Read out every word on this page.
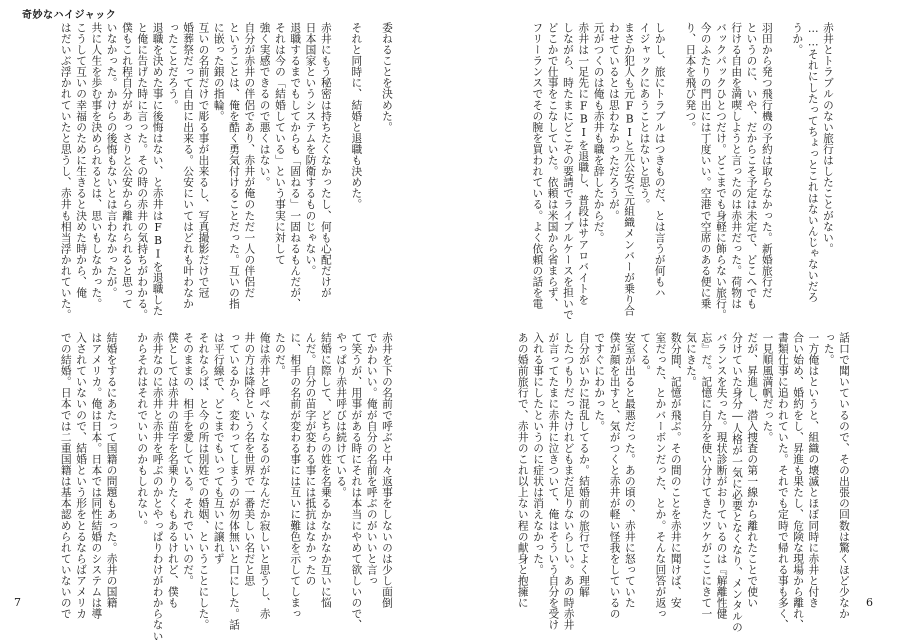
奇妙なハイジャック

委ねることを決めた。

それと同時に、結婚と退職も決めた。

赤井にもう秘密は持ちたくなかったし、何も心配だけが

日本国家というシステムを防衛するものじゃない。

退職するまでもしてからも「固ねる」一固ねるもんだが、

それは今の「結婚している」という事実に対して

強く実感できるので悪くはない。

自分が赤井の伴侶であり、赤井が俺のただ一人の伴侶だ

ということは、俺を酷く勇気付けることだった。互いの指

に嵌った銀の指輪。

互いの名前だけで彫る事が出来るし、写真撮影だけで冠

婚葬祭だって自由に出来る。公安にいてはどれも叶わなか

ったことだろう。

退職を決めた事に後悔はない、と赤井はFBIを退職した

と俺に告げた時に言った。その時の赤井の気持ちがわかる。

僕もこれ程自分があっさりと公安から離れられると思って

いなかった。かけらの後悔もないとは言わなかったが。

共に人生を歩む事を決められるとは、思いもしなかった。

こうして互いの幸福のために生きると決めた時から、俺

はだいぶ浮かれていたと思うし、赤井も相当浮かれていた。

赤井を下の名前で呼ぶと中々返事をしないのは少し面倒

でかわいい。俺が自分の名前を呼ぶのがいいと言っ

て笑うが、用事がある時にそれは本当にやめて欲しいので、

やっぱり赤井呼びは続けている。

結婚に際して、どちらの姓を名乗るかなかなか互いに悩

んだ。自分の苗字が変わる事には抵抗はなかったの

に、相手の名前が変わる事には互いに難色を示してしまっ

たのだ。

俺は赤井と呼べなくなるのがなんだか寂しいと思うし、赤

井の方は降谷という名を世界で一番美しい名だと思

っているから、変わってしまうのが勿体無いと口にした。話

は平行線で、どこまでもいっても互いに譲れず

それならば、と今の所は別姓での婚姻、ということにした。

そのままの、相手を愛している。それでいいのだ。

僕としては赤井の苗字を名乗りたくもあるけれど、僕も

赤井なのに赤井と赤井を呼ぶのかとやっぱりわけがわからない

からそれはそれでいいのかもしれない。

結婚をするにあたって国籍の問題もあった。赤井の国籍

はアメリカ。俺は日本。日本では同性結婚のシステムは導

入されていないので、結婚という形をとるならばアメリカ

での結婚。日本では二重国籍は基本認められていないので

7

赤井とトラブルのない旅行はしたことがない。

……それにしたってちょっとこれはないんじゃないだろ

うか。

羽田から発つ飛行機の予約は取らなかった。新婚旅行だ

というのに、いや、だからこそ予定は未定で、どこへでも

行ける自由を満喫しようと言ったのは赤井だった。荷物は

バックパックひとつだけ。どこまでも身軽に飾らない旅行。

今のふたりの門出には丁度いい。空港で空席のある便に乗

り、日本を飛び発つ。

しかし、旅にトラブルはつきものだ、とは言うが何もハ

イジャックにあうことはないと思う。

まさか犯人も元FBIと元公安で元組織メンバーが乗り合

わせているとは思わなかっただろうが。

元がつくのは俺も赤井も職を辞したからだ。

赤井は一足先にFBIを退職し、普段はサアロバイトを

しながら、時たまにどこぞの要請でライブルケースを担いで

どこかで仕事をこなしていた。依頼は米国から省まらず、

フリーランスでその腕を買われている。よく依頼の話を電

話口で聞いているので、その出張の回数は驚くほど少なか

った。

一方俺はというと、組織の壊滅とほぼ同時に赤井と付き

合い始め、婚約をし、昇進も果たし、危険な現場から離れ、

書類仕事に追われていた。それでも定時で帰れる事も多く、

一見順風満帆だった。

だが、昇進し、潜入捜査の第一線から離れたことで使い

分けていた身分―人格が一気に必要となくなり、メンタルの

バランスを失った。現状診断がおりているのは『解離性健

忘』だ。記憶に自分を使い分けてきたツケがここにきて一

気にきた。

数分間、記憶が飛ぶ。その間のことを赤井に聞けば、安

室だった、とかバーボンだった、とか。そんな回答が返っ

てくる。

安室が出ると最悪だった。あの頃の、赤井に怒っていた

僕が顔を出すと、気がつくと赤井が軽い怪我をしているの

ですぐにわかった。

自分がいかに混乱してるか。結婚前の旅行でよく理解

したつもりだったけれどもまだ足りないらしい。あの時赤井

が言ってたまに赤井に泣きついて、俺はそういう自分を受け

入れる事にしたというのに症状は消えなかった。

あの婚前旅行で、赤井のこれ以上ない程の献身と抱擁に	6
